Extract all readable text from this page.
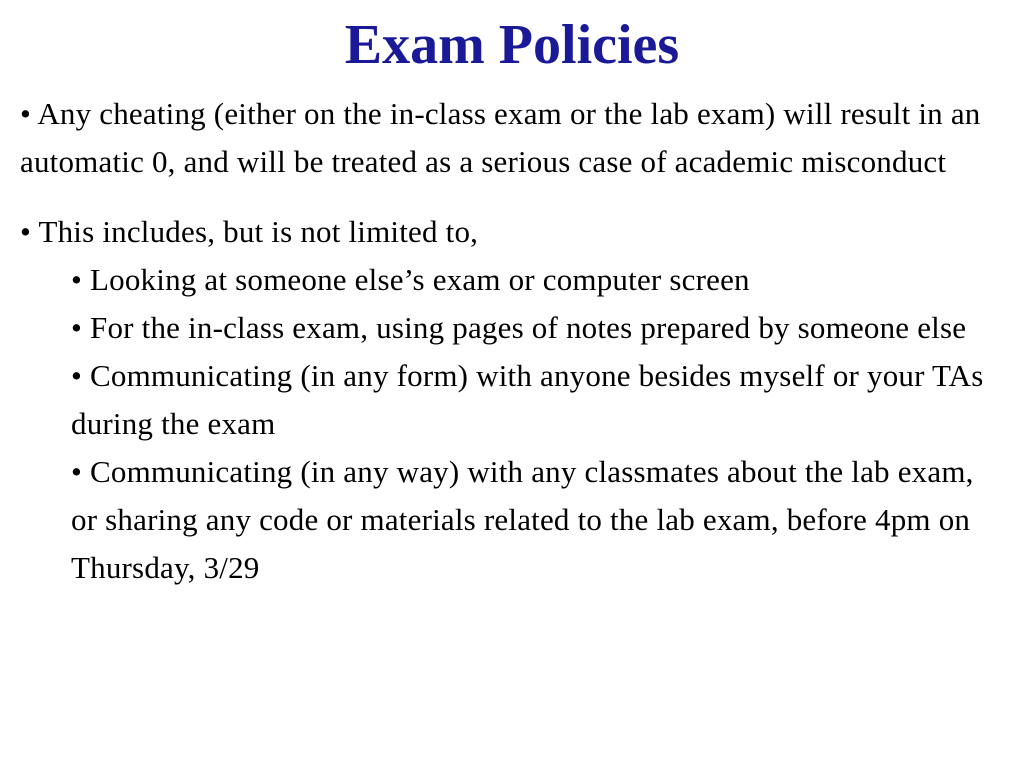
Exam Policies

• Any cheating (either on the in-class exam or the lab exam) will result in an automatic 0, and will be treated as a serious case of academic misconduct

• This includes, but is not limited to,

• Looking at someone else’s exam or computer screen

• For the in-class exam, using pages of notes prepared by someone else

• Communicating (in any form) with anyone besides myself or your TAs during the exam

• Communicating (in any way) with any classmates about the lab exam, or sharing any code or materials related to the lab exam, before 4pm on Thursday, 3/29
